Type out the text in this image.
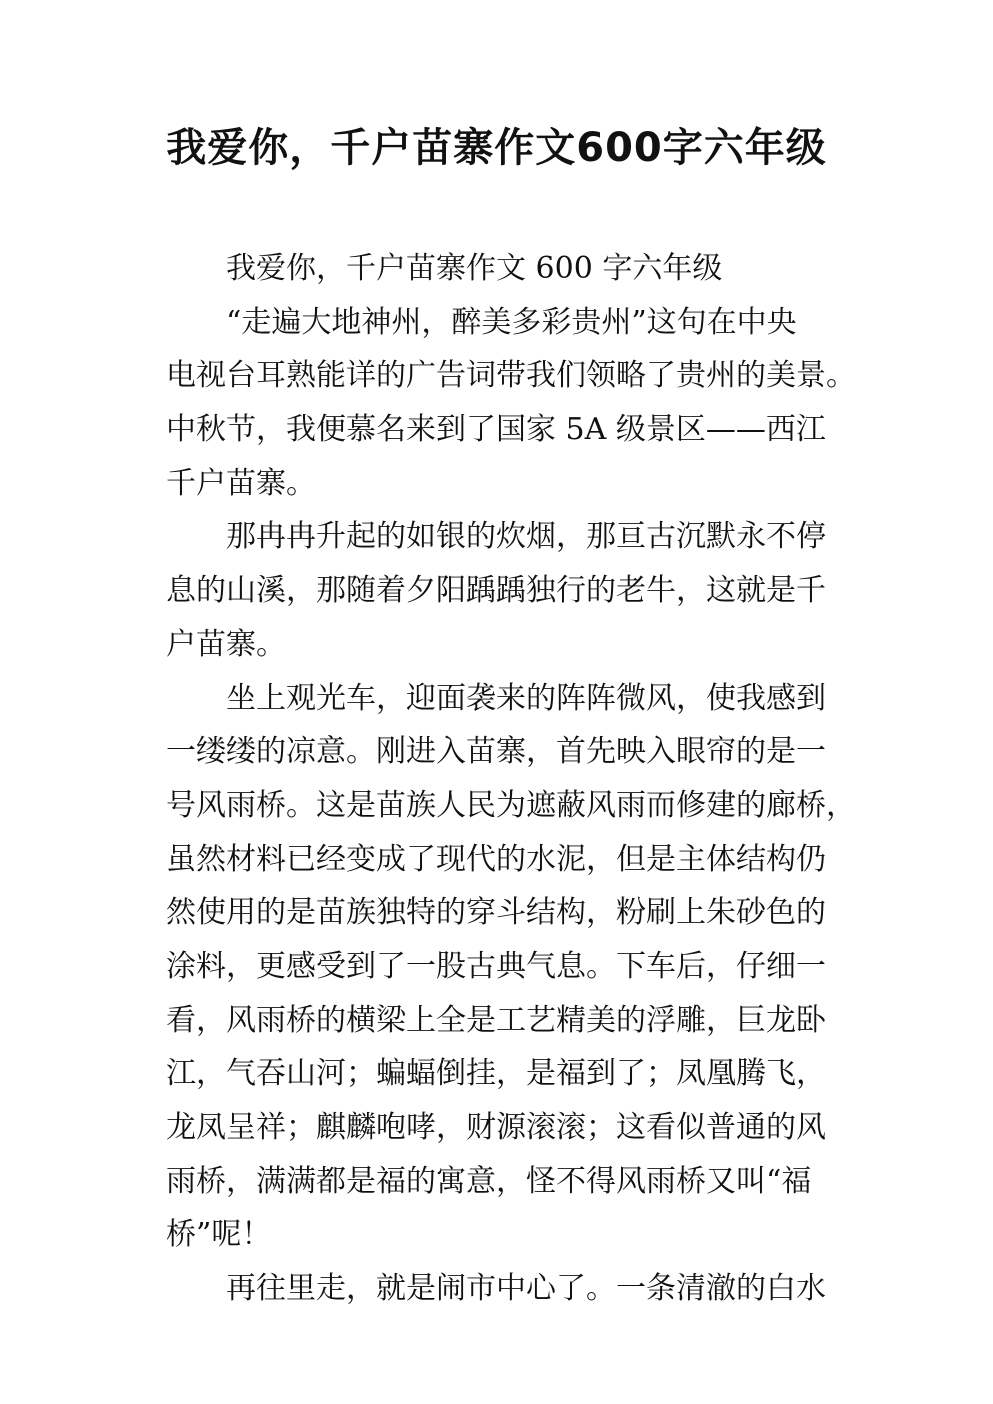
我爱你，千户苗寨作文600字六年级

我爱你，千户苗寨作文 600 字六年级

“走遍大地神州，醉美多彩贵州”这句在中央

电视台耳熟能详的广告词带我们领略了贵州的美景。

中秋节，我便慕名来到了国家 5A 级景区——西江

千户苗寨。

那冉冉升起的如银的炊烟，那亘古沉默永不停

息的山溪，那随着夕阳踽踽独行的老牛，这就是千

户苗寨。

坐上观光车，迎面袭来的阵阵微风，使我感到

一缕缕的凉意。刚进入苗寨，首先映入眼帘的是一

号风雨桥。这是苗族人民为遮蔽风雨而修建的廊桥，

虽然材料已经变成了现代的水泥，但是主体结构仍

然使用的是苗族独特的穿斗结构，粉刷上朱砂色的

涂料，更感受到了一股古典气息。下车后，仔细一

看，风雨桥的横梁上全是工艺精美的浮雕，巨龙卧

江，气吞山河；蝙蝠倒挂，是福到了；凤凰腾飞，

龙凤呈祥；麒麟咆哮，财源滚滚；这看似普通的风

雨桥，满满都是福的寓意，怪不得风雨桥又叫“福

桥”呢！

再往里走，就是闹市中心了。一条清澈的白水
